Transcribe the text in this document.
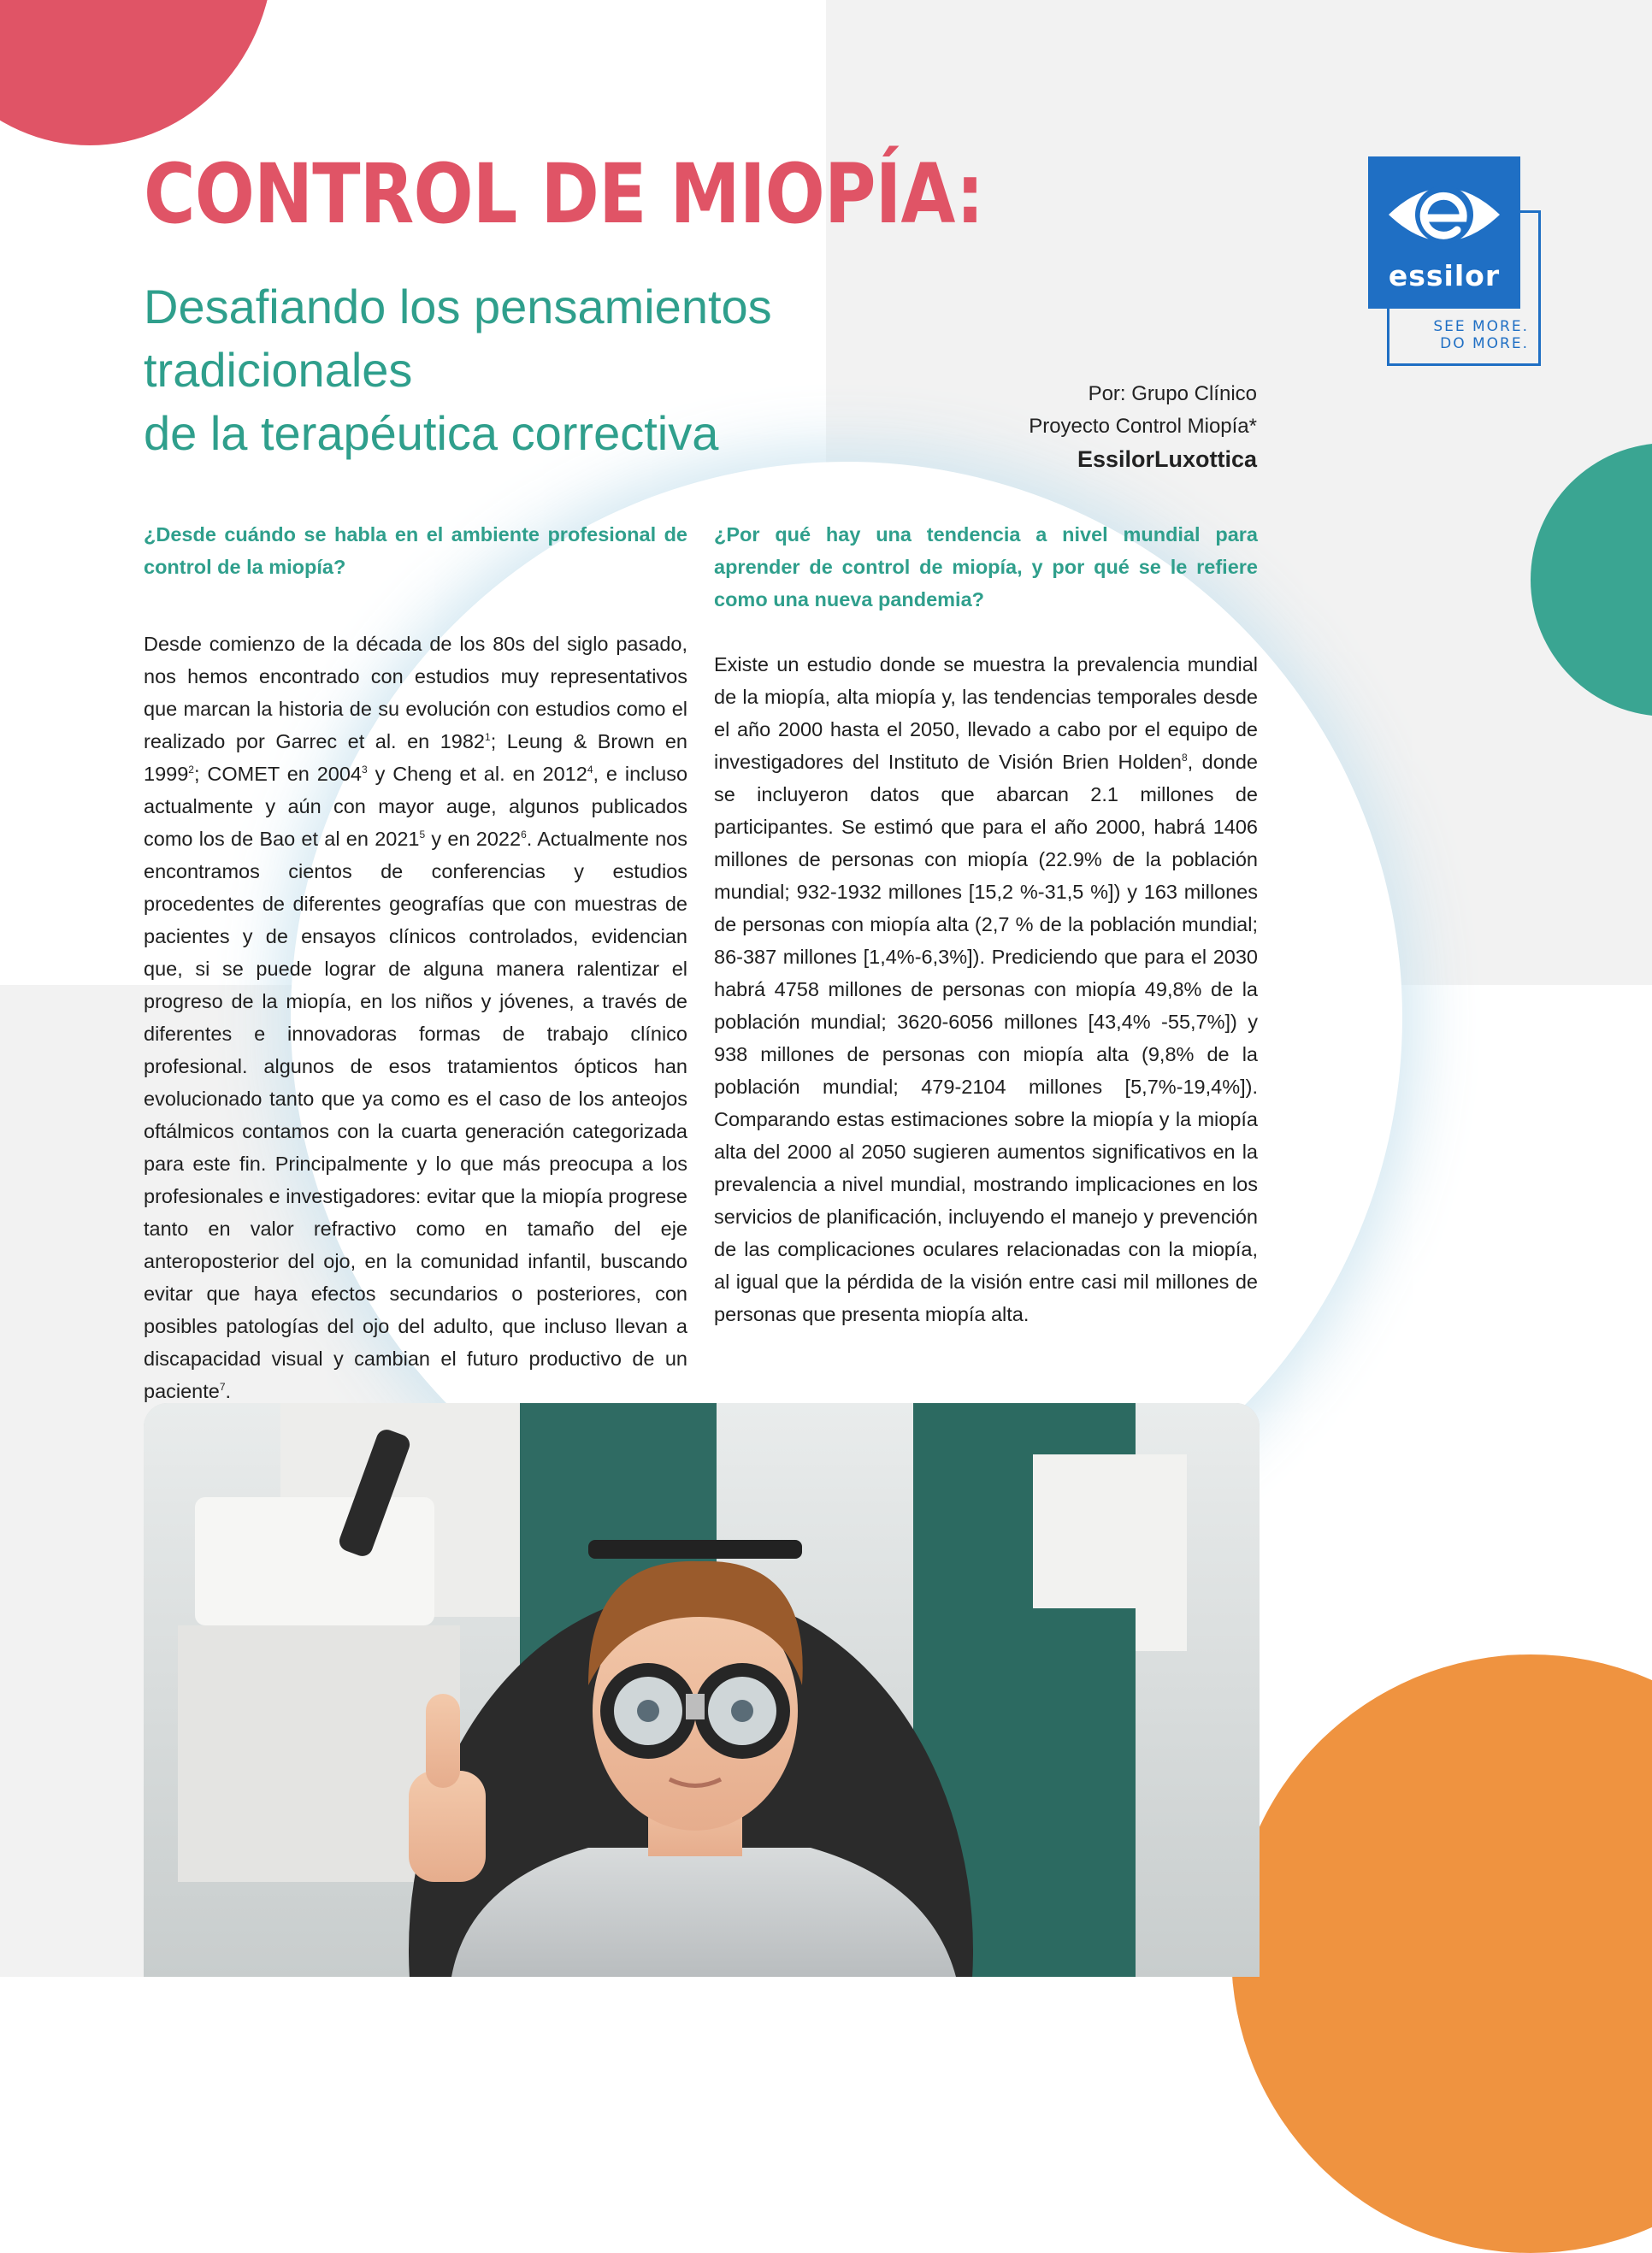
CONTROL DE MIOPÍA:
Desafiando los pensamientos tradicionales
de la terapéutica correctiva
Por: Grupo Clínico
Proyecto Control Miopía*
EssilorLuxottica
essilor
SEE MORE.
DO MORE.

¿Desde cuándo se habla en el ambiente profesional de control de la miopía?

Desde comienzo de la década de los 80s del siglo pasado, nos hemos encontrado con estudios muy representativos que marcan la historia de su evolución con estudios como el realizado por Garrec et al. en 1982$^1$; Leung & Brown en 1999$^2$; COMET en 2004$^3$ y Cheng et al. en 2012$^4$, e incluso actualmente y aún con mayor auge, algunos publicados como los de Bao et al en 2021$^5$ y en 2022$^6$. Actualmente nos encontramos cientos de conferencias y estudios procedentes de diferentes geografías que con muestras de pacientes y de ensayos clínicos controlados, evidencian que, si se puede lograr de alguna manera ralentizar el progreso de la miopía, en los niños y jóvenes, a través de diferentes e innovadoras formas de trabajo clínico profesional. algunos de esos tratamientos ópticos han evolucionado tanto que ya como es el caso de los anteojos oftálmicos contamos con la cuarta generación categorizada para este fin. Principalmente y lo que más preocupa a los profesionales e investigadores: evitar que la miopía progrese tanto en valor refractivo como en tamaño del eje anteroposterior del ojo, en la comunidad infantil, buscando evitar que haya efectos secundarios o posteriores, con posibles patologías del ojo del adulto, que incluso llevan a discapacidad visual y cambian el futuro productivo de un paciente$^7$.

¿Por qué hay una tendencia a nivel mundial para aprender de control de miopía, y por qué se le refiere como una nueva pandemia?

Existe un estudio donde se muestra la prevalencia mundial de la miopía, alta miopía y, las tendencias temporales desde el año 2000 hasta el 2050, llevado a cabo por el equipo de investigadores del Instituto de Visión Brien Holden$^8$, donde se incluyeron datos que abarcan 2.1 millones de participantes. Se estimó que para el año 2000, habrá 1406 millones de personas con miopía (22.9% de la población mundial; 932-1932 millones [15,2 %-31,5 %]) y 163 millones de personas con miopía alta (2,7 % de la población mundial; 86-387 millones [1,4%-6,3%]). Prediciendo que para el 2030 habrá 4758 millones de personas con miopía 49,8% de la población mundial; 3620-6056 millones [43,4% -55,7%]) y 938 millones de personas con miopía alta (9,8% de la población mundial; 479-2104 millones [5,7%-19,4%]). Comparando estas estimaciones sobre la miopía y la miopía alta del 2000 al 2050 sugieren aumentos significativos en la prevalencia a nivel mundial, mostrando implicaciones en los servicios de planificación, incluyendo el manejo y prevención de las complicaciones oculares relacionadas con la miopía, al igual que la pérdida de la visión entre casi mil millones de personas que presenta miopía alta.
